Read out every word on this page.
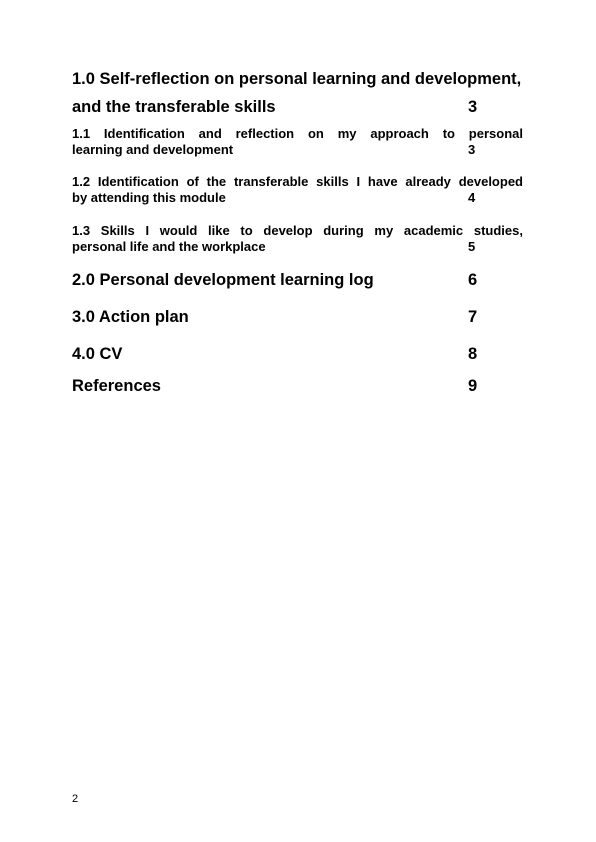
1.0 Self-reflection on personal learning and development,
and the transferable skills	3
1.1 Identification and reflection on my approach to personal
learning and development	3
1.2 Identification of the transferable skills I have already developed
by attending this module	4
1.3 Skills I would like to develop during my academic studies,
personal life and the workplace	5
2.0 Personal development learning log	6
3.0 Action plan	7
4.0 CV	8
References	9
2
